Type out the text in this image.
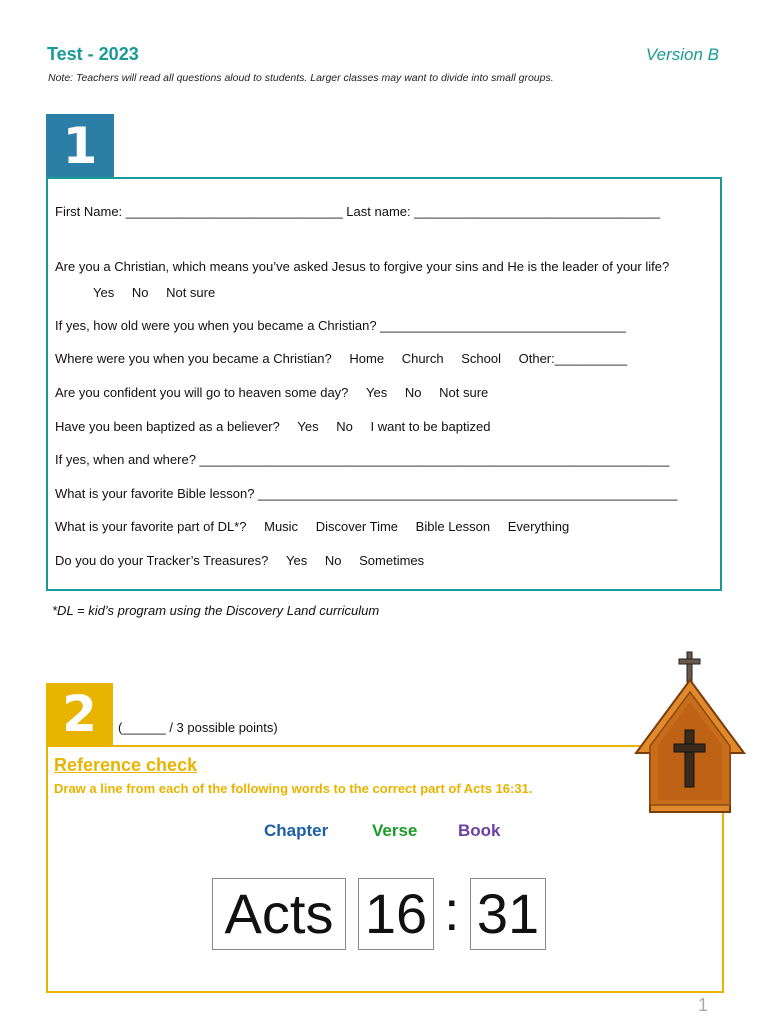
Test - 2023	Version B
Note: Teachers will read all questions aloud to students. Larger classes may want to divide into small groups.
1
First Name: ______________________________ Last name: __________________________________
Are you a Christian, which means you’ve asked Jesus to forgive your sins and He is the leader of your life?
Yes No Not sure
If yes, how old were you when you became a Christian? __________________________________
Where were you when you became a Christian? Home Church School Other:__________
Are you confident you will go to heaven some day? Yes No Not sure
Have you been baptized as a believer? Yes No I want to be baptized
If yes, when and where? _________________________________________________________________
What is your favorite Bible lesson? __________________________________________________________
What is your favorite part of DL*? Music Discover Time Bible Lesson Everything
Do you do your Tracker’s Treasures? Yes No Sometimes
*DL = kid’s program using the Discovery Land curriculum
2	(______ / 3 possible points)
Reference check
Draw a line from each of the following words to the correct part of Acts 16:31.
Chapter	Verse Book
Acts 16 : 31
1
